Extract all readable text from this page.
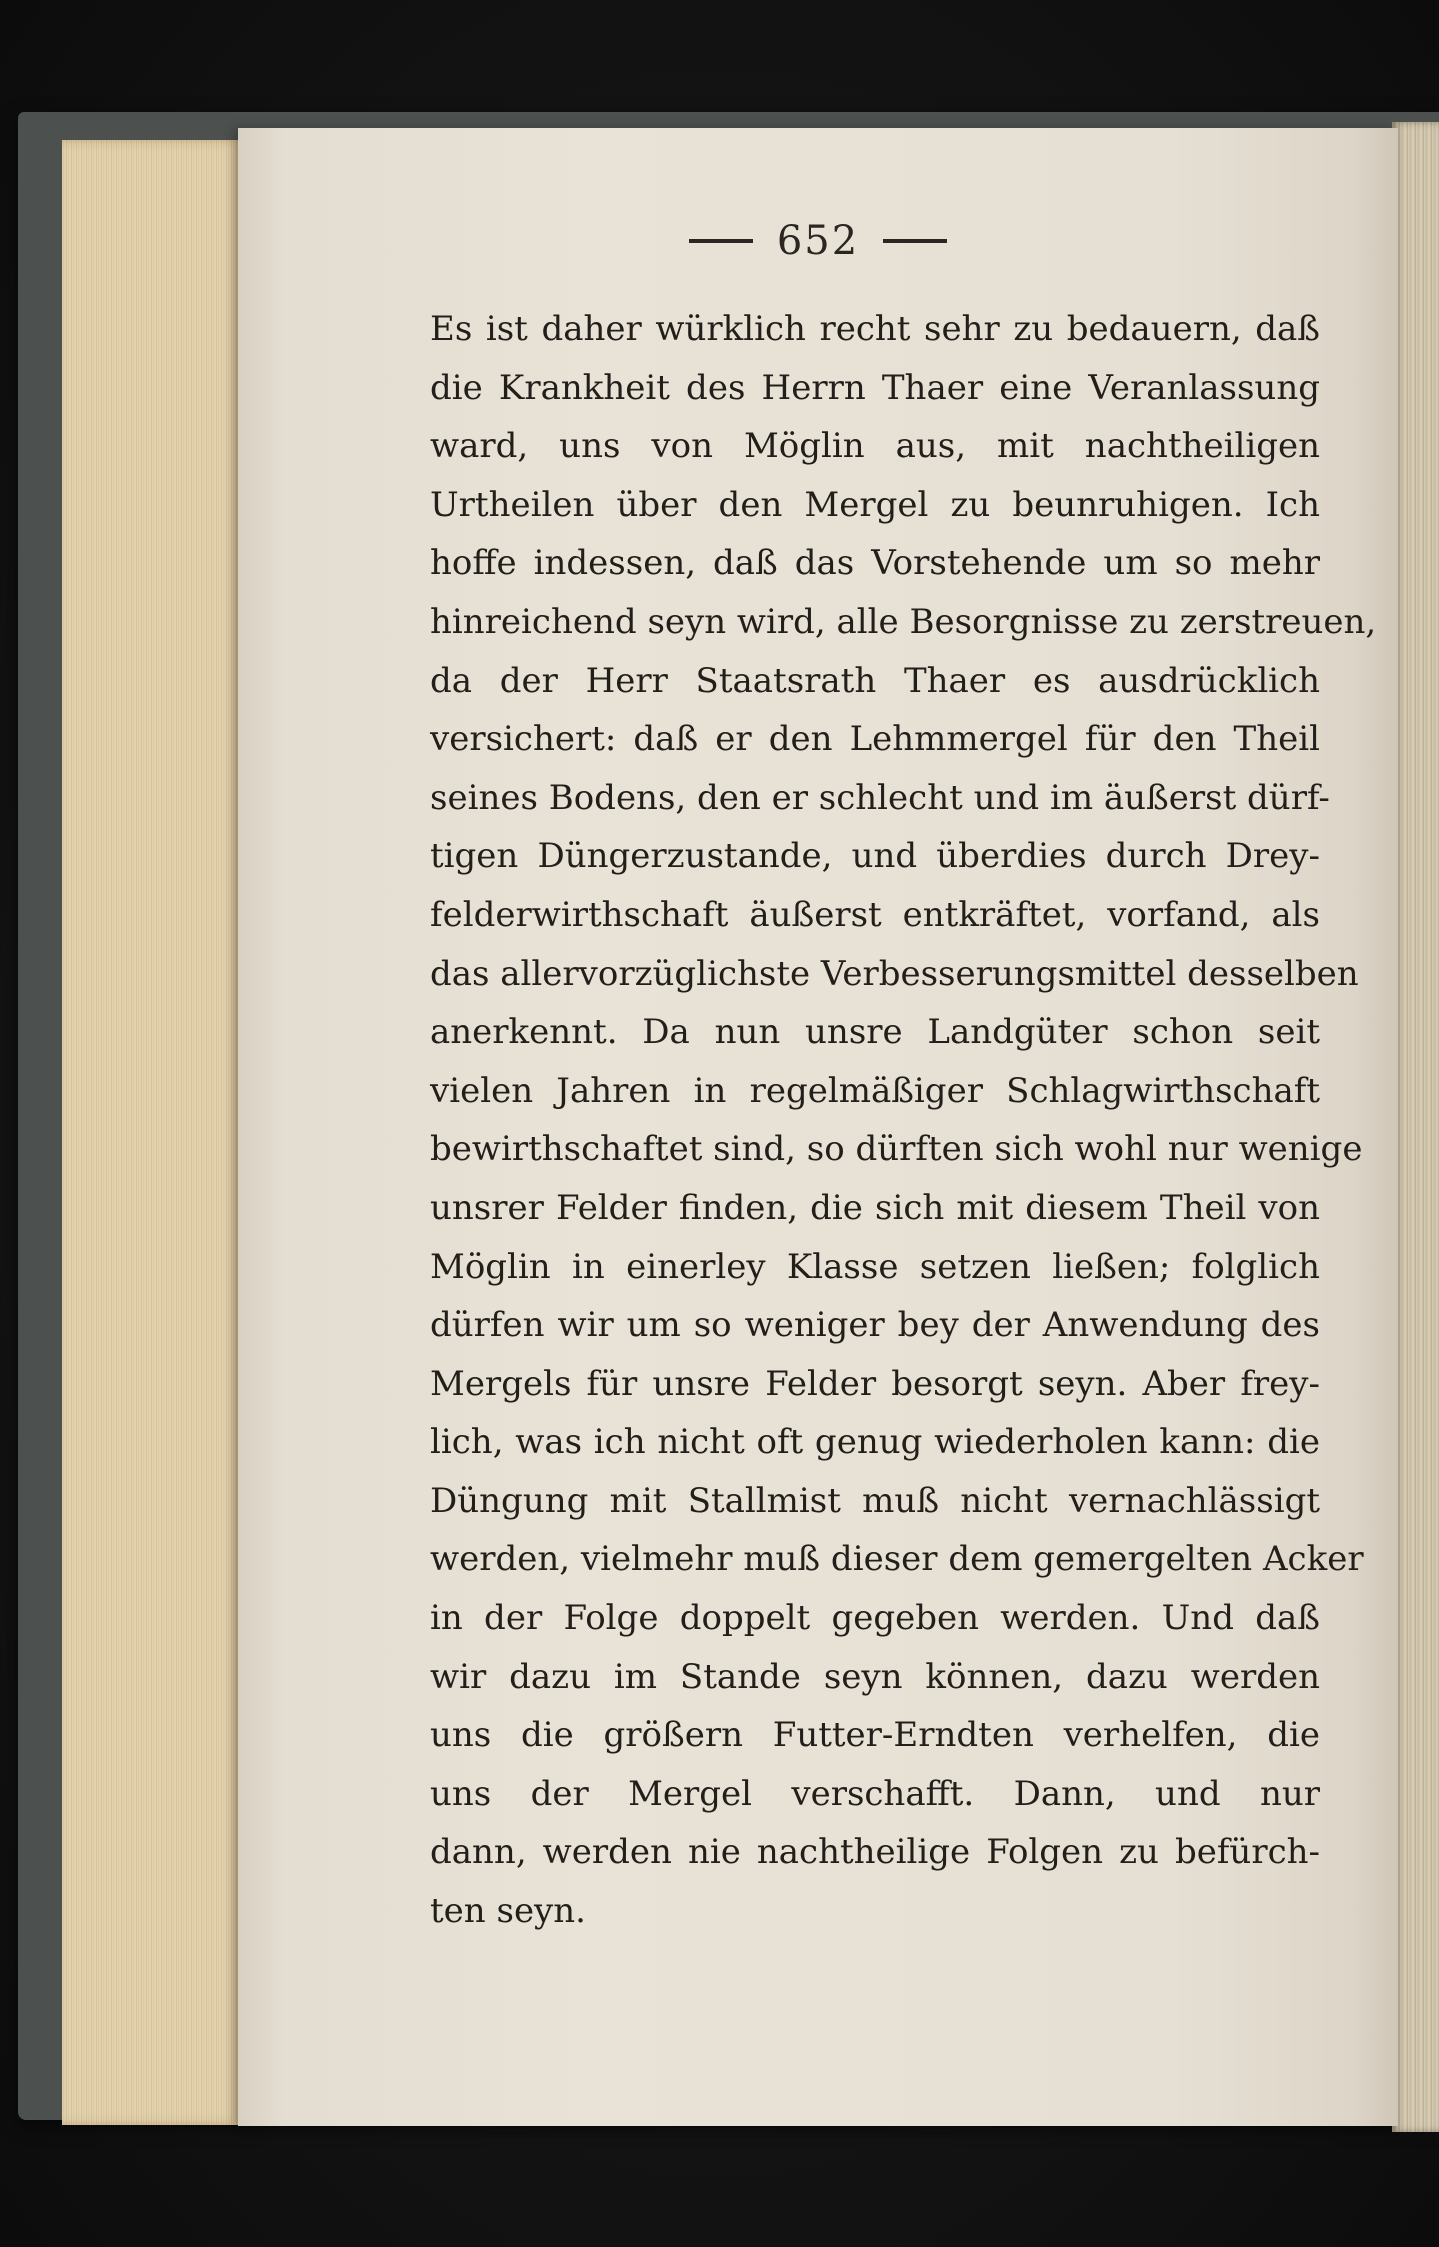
652
Es ist daher würklich recht sehr zu bedauern, daß
die Krankheit des Herrn Thaer eine Veranlassung
ward, uns von Möglin aus, mit nachtheiligen
Urtheilen über den Mergel zu beunruhigen. Ich
hoffe indessen, daß das Vorstehende um so mehr
hinreichend seyn wird, alle Besorgnisse zu zerstreuen,
da der Herr Staatsrath Thaer es ausdrücklich
versichert: daß er den Lehmmergel für den Theil
seines Bodens, den er schlecht und im äußerst dürf-
tigen Düngerzustande, und überdies durch Drey-
felderwirthschaft äußerst entkräftet, vorfand, als
das allervorzüglichste Verbesserungsmittel desselben
anerkennt. Da nun unsre Landgüter schon seit
vielen Jahren in regelmäßiger Schlagwirthschaft
bewirthschaftet sind, so dürften sich wohl nur wenige
unsrer Felder finden, die sich mit diesem Theil von
Möglin in einerley Klasse setzen ließen; folglich
dürfen wir um so weniger bey der Anwendung des
Mergels für unsre Felder besorgt seyn. Aber frey-
lich, was ich nicht oft genug wiederholen kann: die
Düngung mit Stallmist muß nicht vernachlässigt
werden, vielmehr muß dieser dem gemergelten Acker
in der Folge doppelt gegeben werden. Und daß
wir dazu im Stande seyn können, dazu werden
uns die größern Futter-Erndten verhelfen, die
uns der Mergel verschafft. Dann, und nur
dann, werden nie nachtheilige Folgen zu befürch-
ten seyn.
